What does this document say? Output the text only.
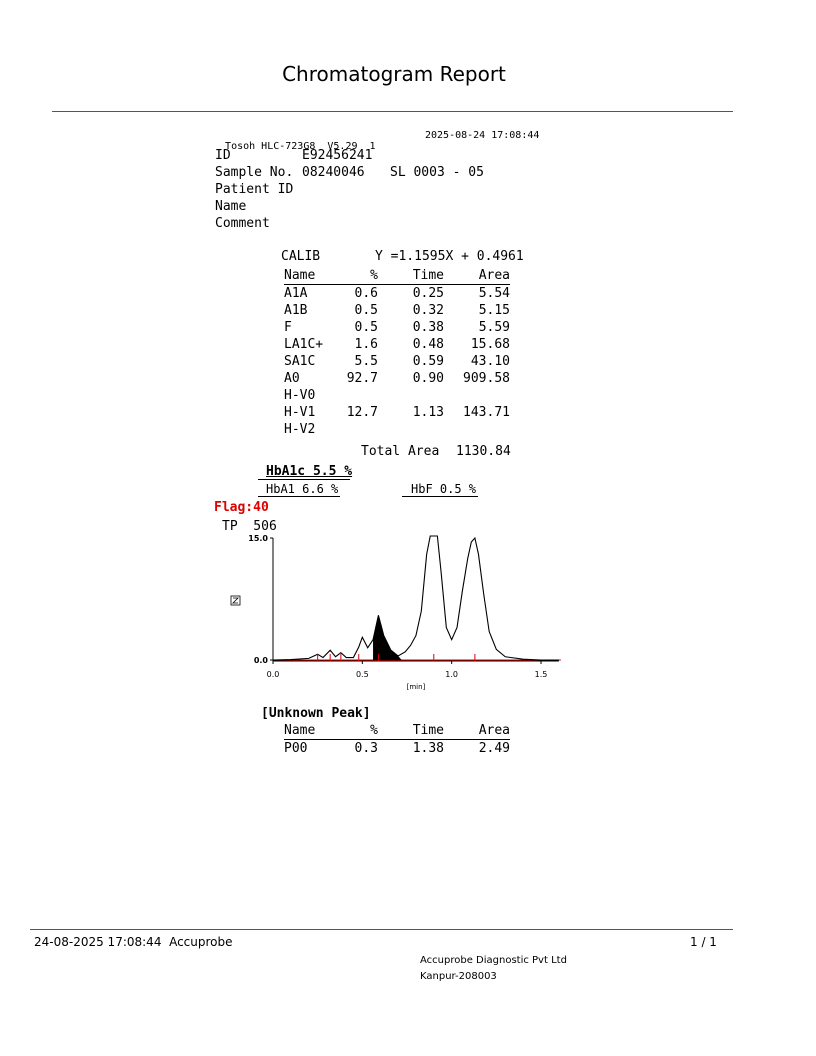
Chromatogram Report

Tosoh HLC-723G8  V5.29  1

2025-08-24 17:08:44
ID	E92456241
Sample No. 08240046 SL 0003 - 05
Patient ID
Name
Comment
CALIB	Y =1.1595X + 0.4961
Name	%	Time	Area
A1A	0.6	0.25	5.54
A1B	0.5	0.32	5.15
F	0.5	0.38	5.59
LA1C+	1.6	0.48	15.68
SA1C	5.5	0.59	43.10
A0	92.7	0.90	909.58
H-V0			
H-V1	12.7	1.13	143.71
H-V2			
Total Area 1130.84
HbA1c 5.5 %
HbA1 6.6 %	HbF 0.5 %
Flag:40
TP  506
0.0
15.0
0.0	0.5	1.0	1.5
[min]
[Unknown Peak]
Name	%	Time	Area
P00	0.3	1.38	2.49
24-08-2025 17:08:44  Accuprobe	1 / 1
Accuprobe Diagnostic Pvt Ltd
Kanpur-208003
